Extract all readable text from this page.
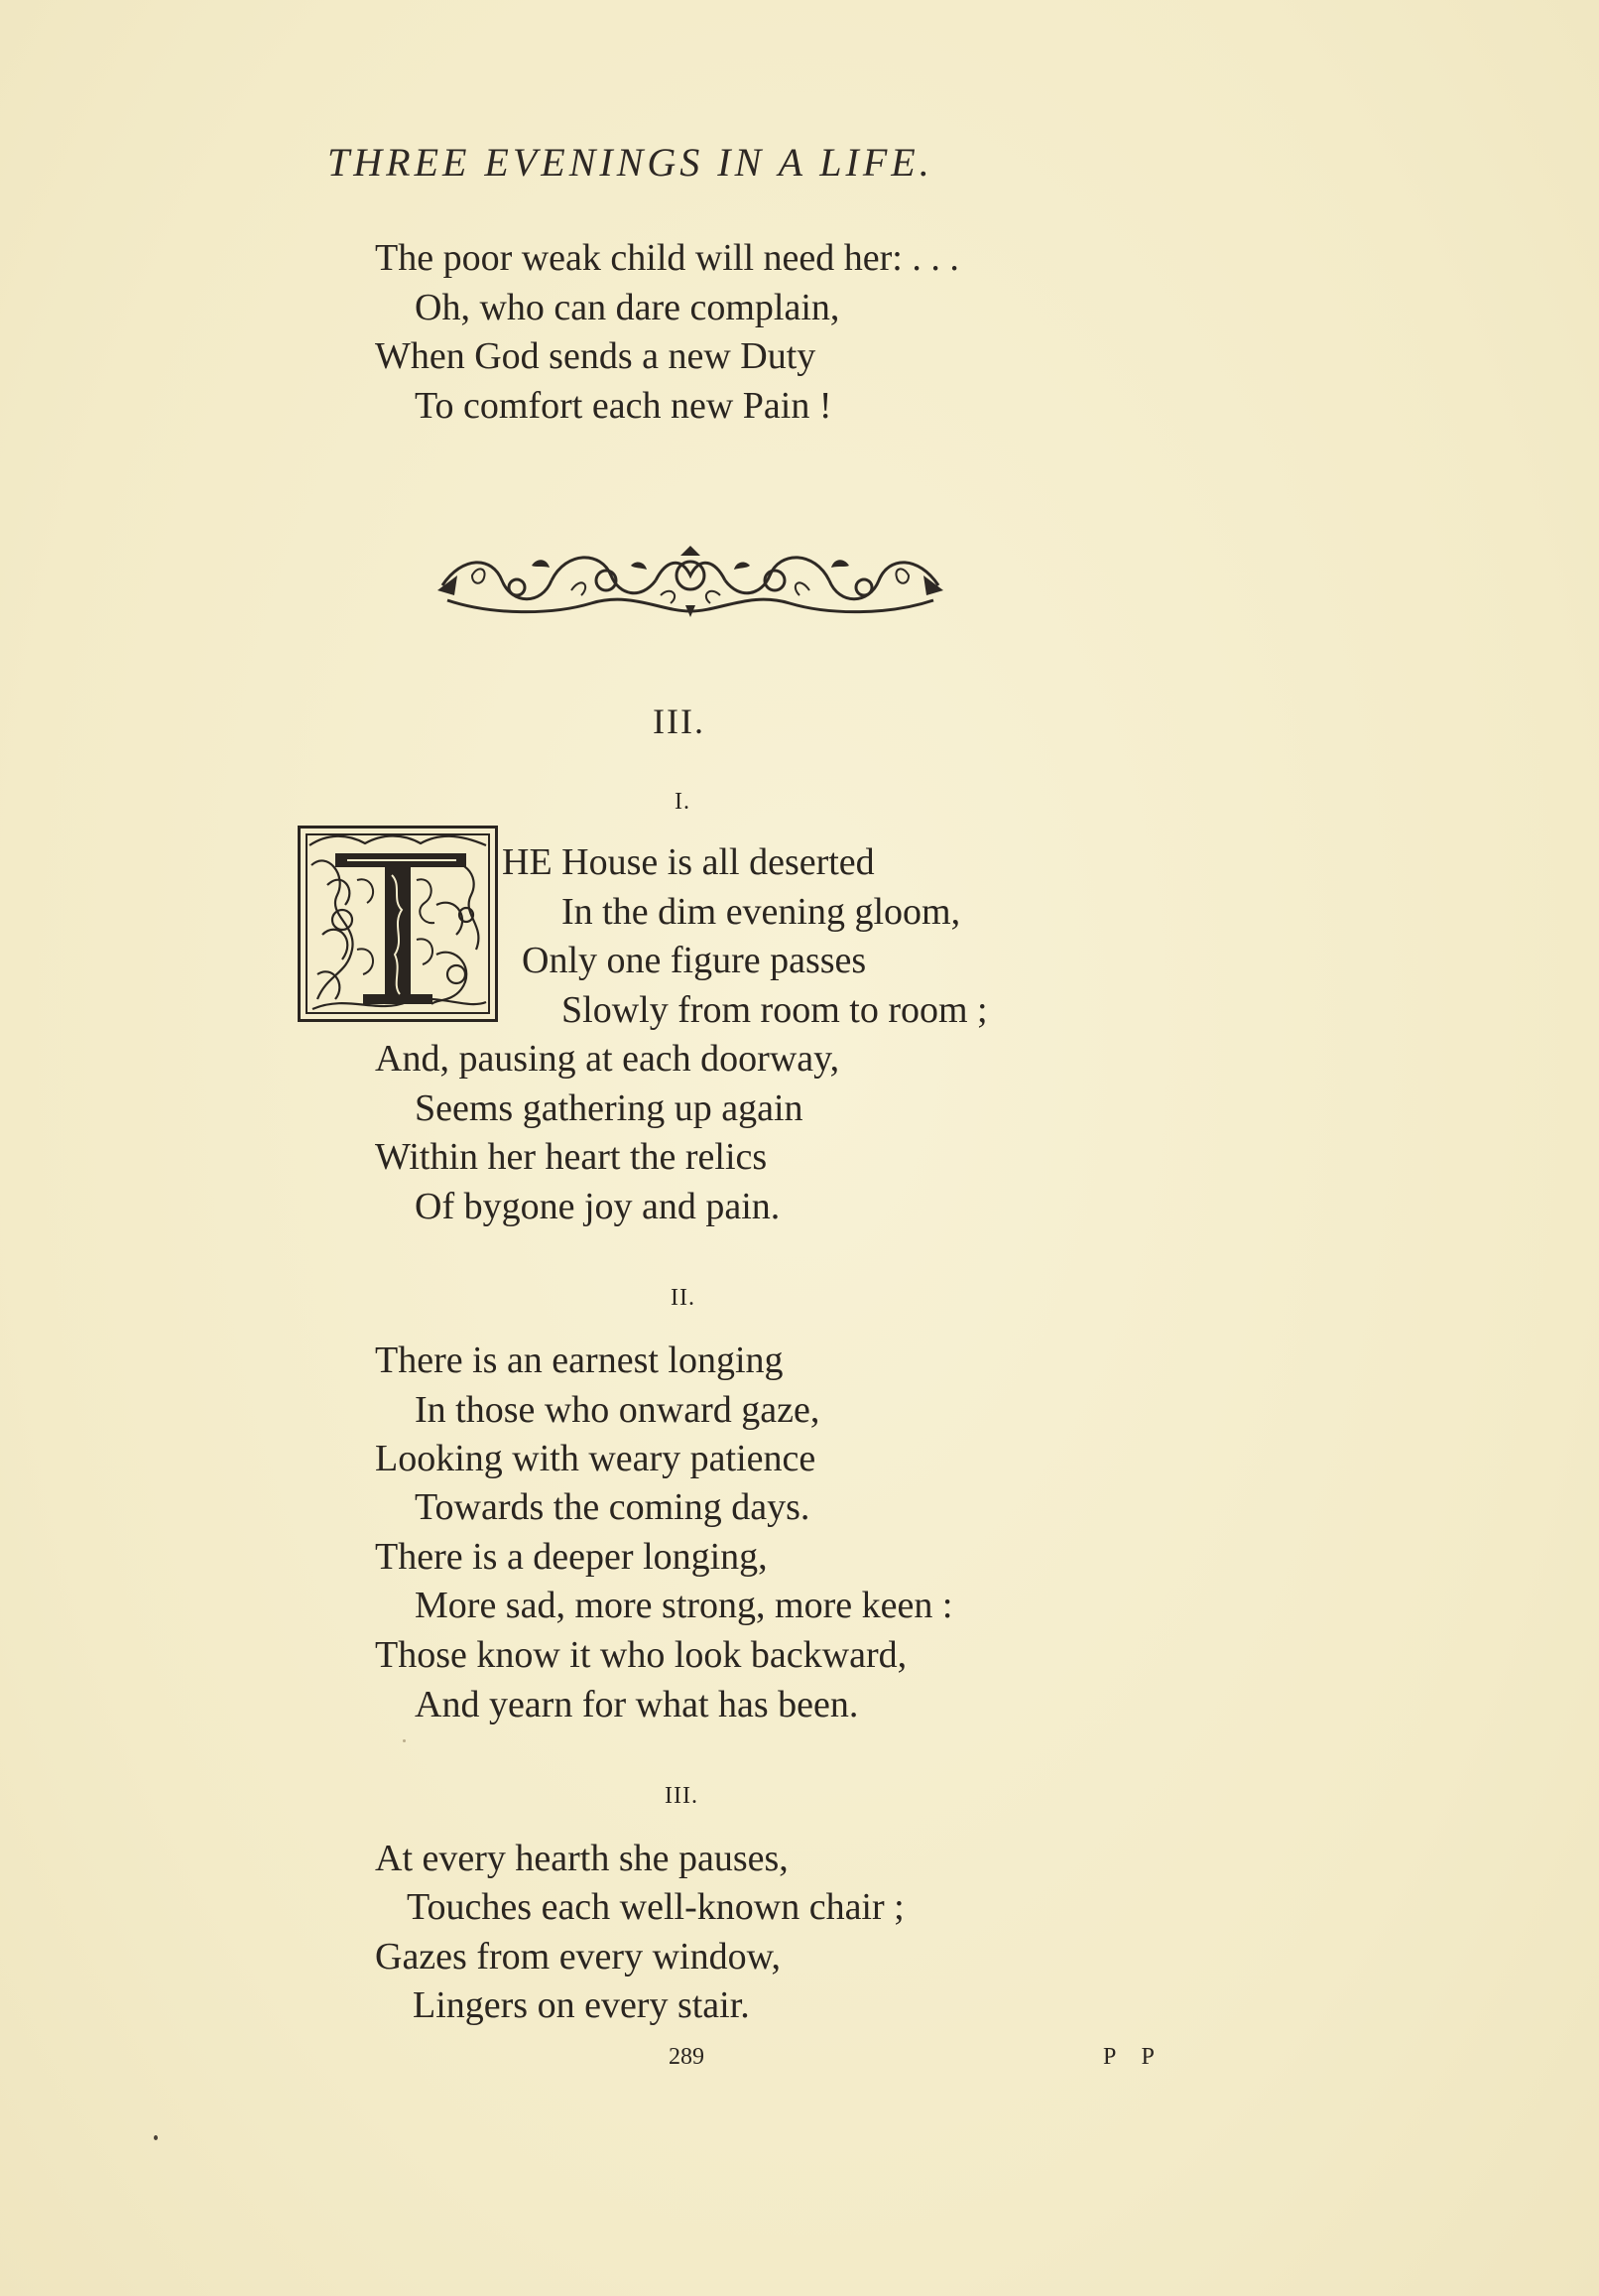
THREE EVENINGS IN A LIFE.
The poor weak child will need her: . . .
Oh, who can dare complain,
When God sends a new Duty
To comfort each new Pain !
III.
I.
HE House is all deserted
In the dim evening gloom,
Only one figure passes
Slowly from room to room ;
And, pausing at each doorway,
Seems gathering up again
Within her heart the relics
Of bygone joy and pain.
II.
There is an earnest longing
In those who onward gaze,
Looking with weary patience
Towards the coming days.
There is a deeper longing,
More sad, more strong, more keen :
Those know it who look backward,
And yearn for what has been.
III.
At every hearth she pauses,
Touches each well-known chair ;
Gazes from every window,
Lingers on every stair.
289	P P
